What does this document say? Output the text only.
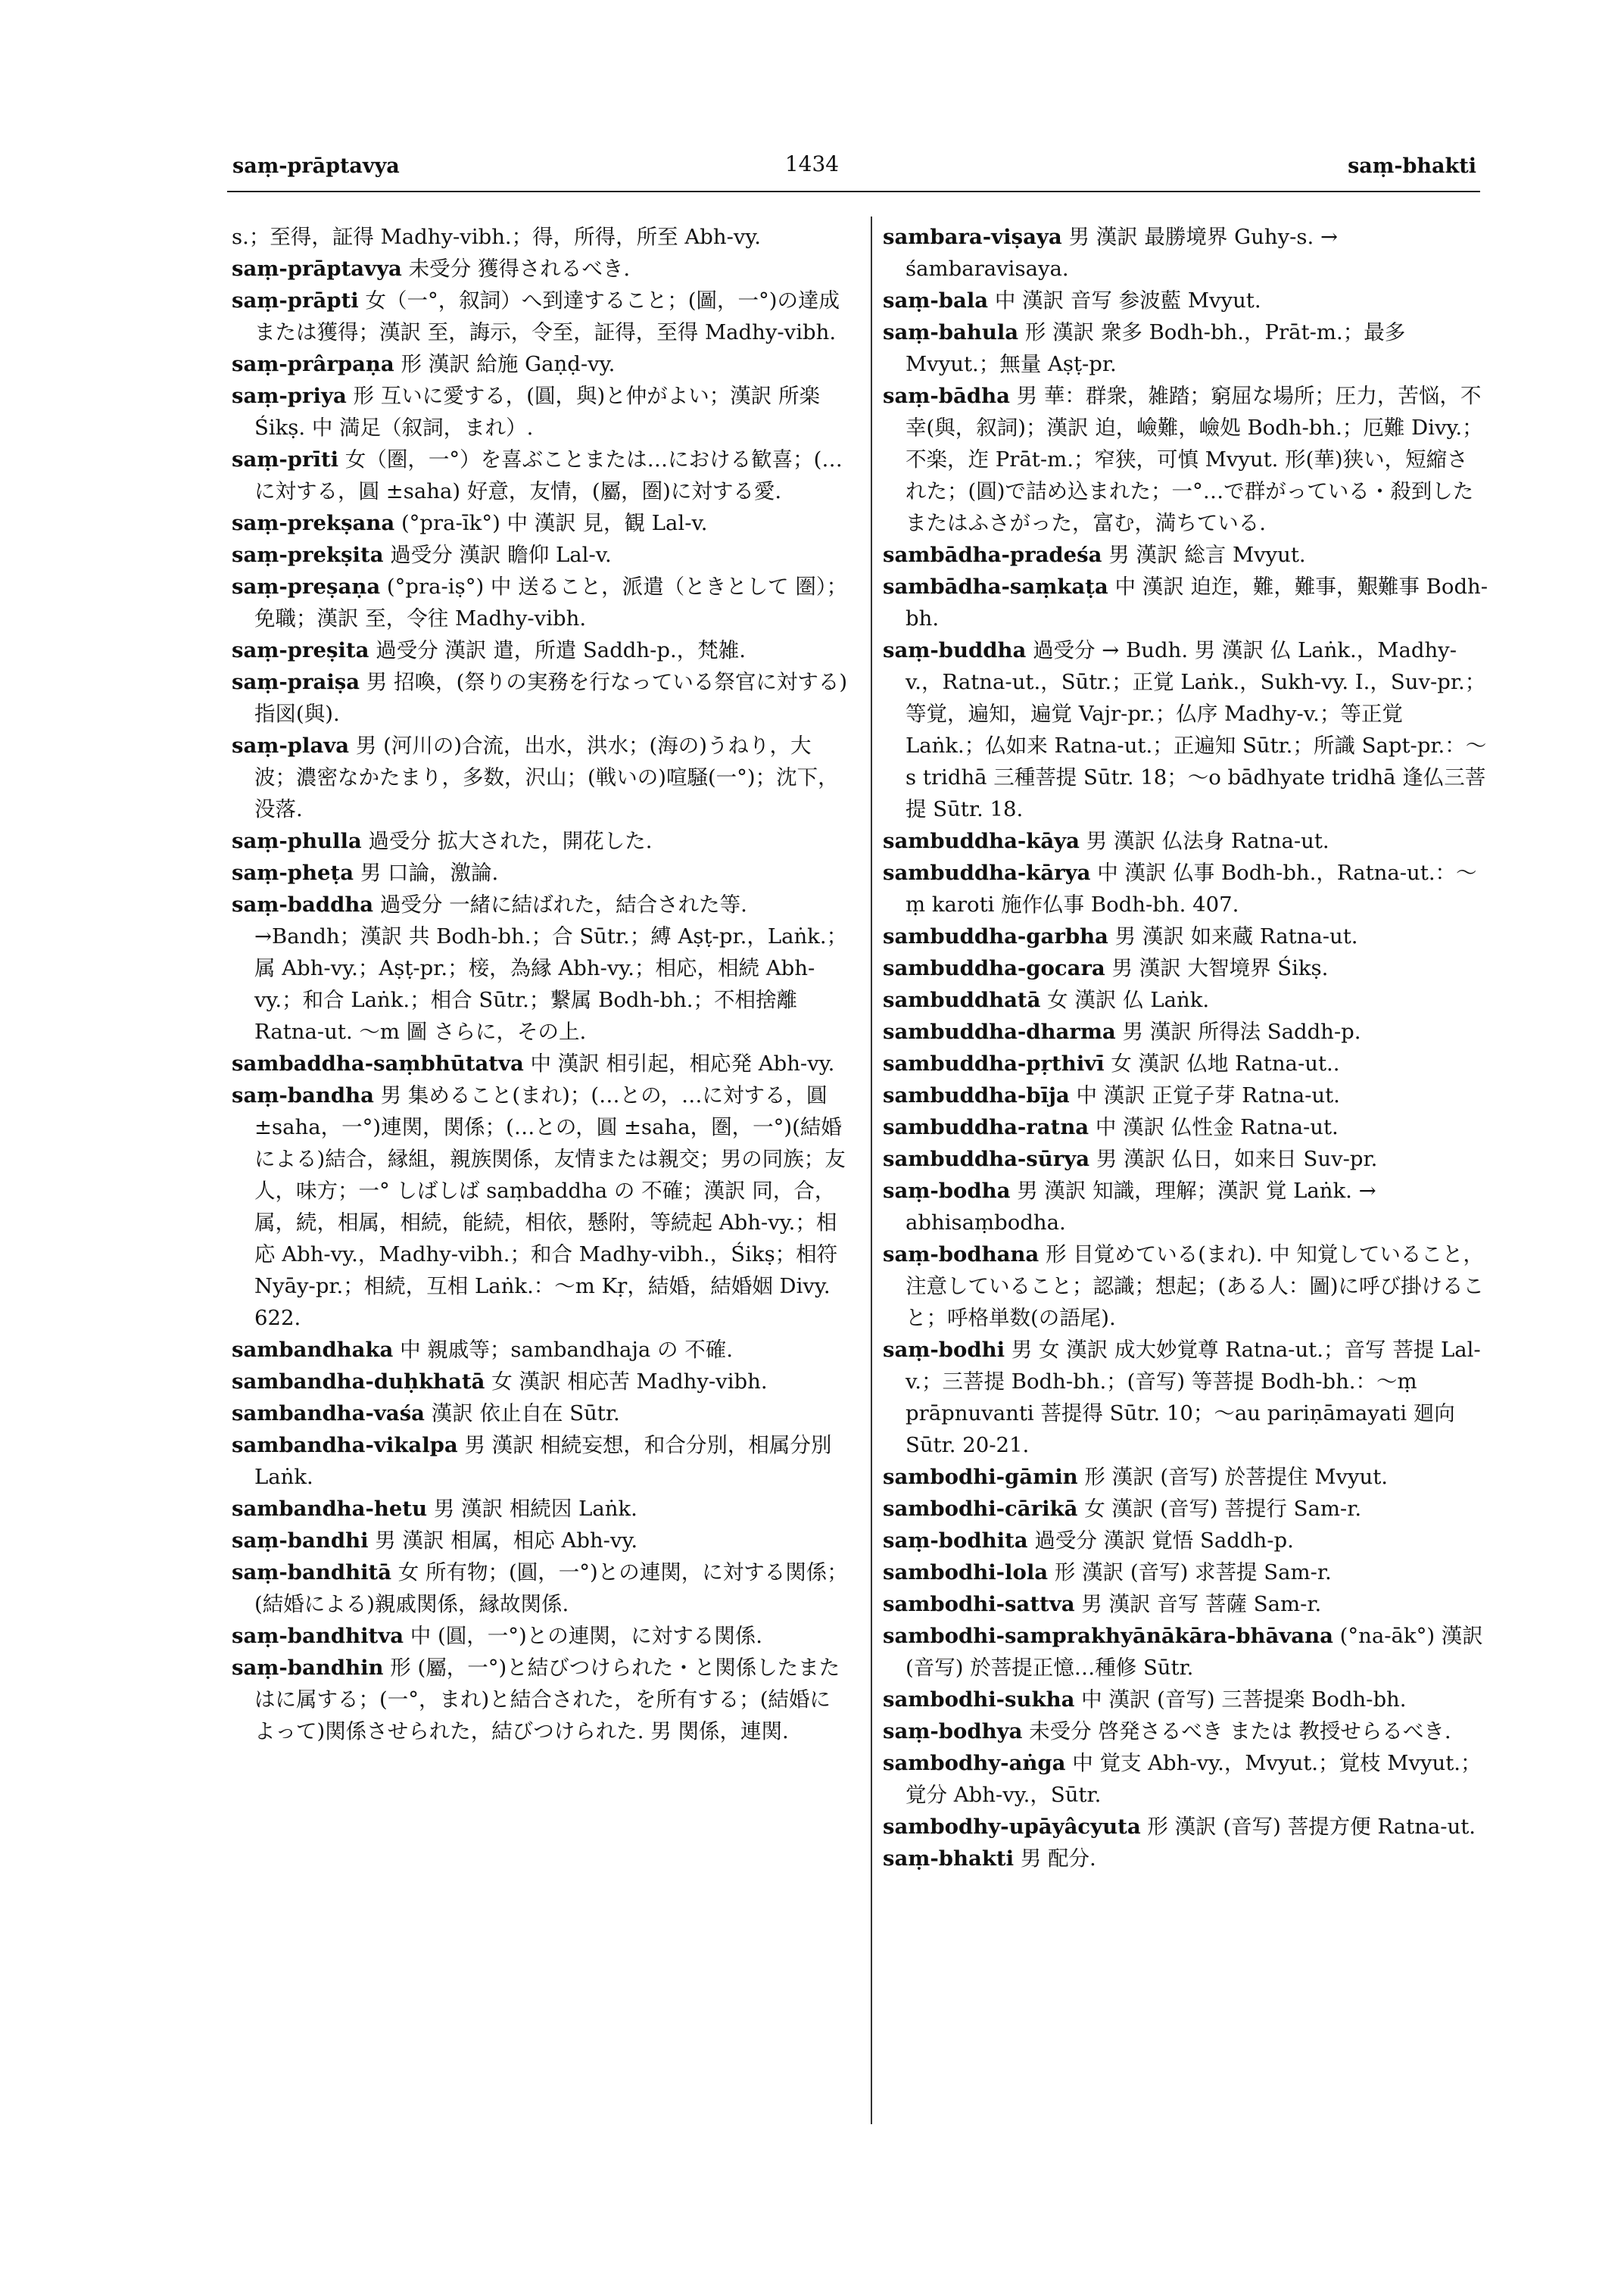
saṃ-prāptavya	1434	saṃ-bhakti

s.；至得，証得 Madhy-vibh.；得，所得，所至 Abh-vy.

saṃ-prāptavya 未受分 獲得されるべき.

saṃ-prāpti 女（一°，叙詞）へ到達すること；(圖，一°)の達成または獲得；漢訳 至，誨示，令至，証得，至得 Madhy-vibh.

saṃ-prârpaṇa 形 漢訳 給施 Gaṇḍ-vy.

saṃ-priya 形 互いに愛する，(圓，與)と仲がよい；漢訳 所楽 Śikṣ. 中 満足（叙詞，まれ）.

saṃ-prīti 女（圏，一°）を喜ぶことまたは…における歓喜；(…に対する，圓 ±saha) 好意，友情，(屬，圏)に対する愛.

saṃ-prekṣana (°pra-īk°) 中 漢訳 見，観 Lal-v.

saṃ-prekṣita 過受分 漢訳 瞻仰 Lal-v.

saṃ-preṣaṇa (°pra-iṣ°) 中 送ること，派遣（ときとして 圏）；免職；漢訳 至，令往 Madhy-vibh.

saṃ-preṣita 過受分 漢訳 遣，所遣 Saddh-p.，梵雑.

saṃ-praiṣa 男 招喚，(祭りの実務を行なっている祭官に対する)指図(與).

saṃ-plava 男 (河川の)合流，出水，洪水；(海の)うねり，大波；濃密なかたまり，多数，沢山；(戦いの)喧騒(一°)；沈下，没落.

saṃ-phulla 過受分 拡大された，開花した.

saṃ-pheṭa 男 口論，激論.

saṃ-baddha 過受分 一緒に結ばれた，結合された等. →Bandh；漢訳 共 Bodh-bh.；合 Sūtr.；縛 Aṣṭ-pr.，Laṅk.；属 Abh-vy.；Aṣṭ-pr.；椄，為縁 Abh-vy.；相応，相続 Abh-vy.；和合 Laṅk.；相合 Sūtr.；繋属 Bodh-bh.；不相捨離 Ratna-ut. ～m 圖 さらに，その上.

sambaddha-saṃbhūtatva 中 漢訳 相引起，相応発 Abh-vy.

saṃ-bandha 男 集めること(まれ)；(…との，…に対する，圓 ±saha，一°)連関，関係；(…との，圓 ±saha，圏，一°)(結婚による)結合，縁組，親族関係，友情または親交；男の同族；友人，味方；一° しばしば saṃbaddha の 不確；漢訳 同，合，属，続，相属，相続，能続，相依，懸附，等続起 Abh-vy.；相応 Abh-vy.，Madhy-vibh.；和合 Madhy-vibh.，Śikṣ；相符 Nyāy-pr.；相続，互相 Laṅk.：～m Kṛ，結婚，結婚姻 Divy. 622.

sambandhaka 中 親戚等；sambandhaja の 不確.

sambandha-duḥkhatā 女 漢訳 相応苦 Madhy-vibh.

sambandha-vaśa 漢訳 依止自在 Sūtr.

sambandha-vikalpa 男 漢訳 相続妄想，和合分別，相属分別 Laṅk.

sambandha-hetu 男 漢訳 相続因 Laṅk.

saṃ-bandhi 男 漢訳 相属，相応 Abh-vy.

saṃ-bandhitā 女 所有物；(圓，一°)との連関，に対する関係；(結婚による)親戚関係，縁故関係.

saṃ-bandhitva 中 (圓，一°)との連関，に対する関係.

saṃ-bandhin 形 (屬，一°)と結びつけられた・と関係したまたはに属する；(一°，まれ)と結合された，を所有する；(結婚によって)関係させられた，結びつけられた. 男 関係，連関.

sambara-viṣaya 男 漢訳 最勝境界 Guhy-s. → śambaravisaya.

saṃ-bala 中 漢訳 音写 参波藍 Mvyut.

saṃ-bahula 形 漢訳 衆多 Bodh-bh.，Prāt-m.；最多 Mvyut.；無量 Aṣṭ-pr.

saṃ-bādha 男 華：群衆，雑踏；窮屈な場所；圧力，苦悩，不幸(與，叙詞)；漢訳 迫，嶮難，嶮処 Bodh-bh.；厄難 Divy.；不楽，迮 Prāt-m.；窄狭，可慎 Mvyut. 形(華)狭い，短縮された；(圓)で詰め込まれた；一°…で群がっている・殺到したまたはふさがった，富む，満ちている.

sambādha-pradeśa 男 漢訳 総言 Mvyut.

sambādha-saṃkaṭa 中 漢訳 迫迮，難，難事，艱難事 Bodh-bh.

saṃ-buddha 過受分 → Budh. 男 漢訳 仏 Laṅk.，Madhy-v.，Ratna-ut.，Sūtr.；正覚 Laṅk.，Sukh-vy. I.，Suv-pr.；等覚，遍知，遍覚 Vajr-pr.；仏序 Madhy-v.；等正覚 Laṅk.；仏如来 Ratna-ut.；正遍知 Sūtr.；所識 Sapt-pr.：～s tridhā 三種菩提 Sūtr. 18；～o bādhyate tridhā 逢仏三菩提 Sūtr. 18.

sambuddha-kāya 男 漢訳 仏法身 Ratna-ut.

sambuddha-kārya 中 漢訳 仏事 Bodh-bh.，Ratna-ut.：～ṃ karoti 施作仏事 Bodh-bh. 407.

sambuddha-garbha 男 漢訳 如来蔵 Ratna-ut.

sambuddha-gocara 男 漢訳 大智境界 Śikṣ.

sambuddhatā 女 漢訳 仏 Laṅk.

sambuddha-dharma 男 漢訳 所得法 Saddh-p.

sambuddha-pṛthivī 女 漢訳 仏地 Ratna-ut..

sambuddha-bīja 中 漢訳 正覚子芽 Ratna-ut.

sambuddha-ratna 中 漢訳 仏性金 Ratna-ut.

sambuddha-sūrya 男 漢訳 仏日，如来日 Suv-pr.

saṃ-bodha 男 漢訳 知識，理解；漢訳 覚 Laṅk. → abhisaṃbodha.

saṃ-bodhana 形 目覚めている(まれ). 中 知覚していること，注意していること；認識；想起；(ある人：圖)に呼び掛けること；呼格単数(の語尾).

saṃ-bodhi 男 女 漢訳 成大妙覚尊 Ratna-ut.；音写 菩提 Lal-v.；三菩提 Bodh-bh.；(音写) 等菩提 Bodh-bh.：～ṃ prāpnuvanti 菩提得 Sūtr. 10；～au pariṇāmayati 廻向 Sūtr. 20-21.

sambodhi-gāmin 形 漢訳 (音写) 於菩提住 Mvyut.

sambodhi-cārikā 女 漢訳 (音写) 菩提行 Sam-r.

saṃ-bodhita 過受分 漢訳 覚悟 Saddh-p.

sambodhi-lola 形 漢訳 (音写) 求菩提 Sam-r.

sambodhi-sattva 男 漢訳 音写 菩薩 Sam-r.

sambodhi-samprakhyānākāra-bhāvana (°na-āk°) 漢訳 (音写) 於菩提正憶…種修 Sūtr.

sambodhi-sukha 中 漢訳 (音写) 三菩提楽 Bodh-bh.

saṃ-bodhya 未受分 啓発さるべき または 教授せらるべき.

sambodhy-aṅga 中 覚支 Abh-vy.，Mvyut.；覚枝 Mvyut.；覚分 Abh-vy.，Sūtr.

sambodhy-upāyâcyuta 形 漢訳 (音写) 菩提方便 Ratna-ut.

saṃ-bhakti 男 配分.
